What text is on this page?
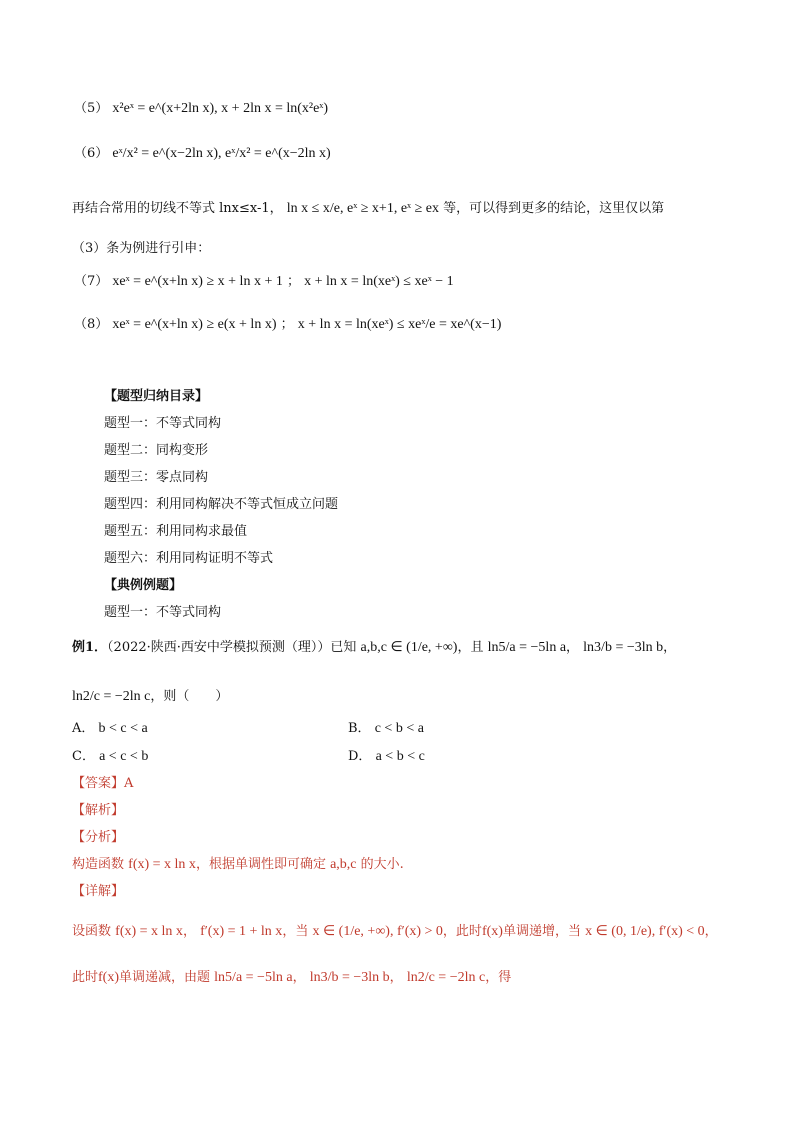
（5） x²eˣ = e^(x+2ln x), x + 2ln x = ln(x²eˣ)
（6） eˣ/x² = e^(x−2ln x), eˣ/x² = e^(x−2ln x)
再结合常用的切线不等式 lnx≤x-1， ln x ≤ x/e, eˣ ≥ x+1, eˣ ≥ ex 等，可以得到更多的结论，这里仅以第
（3）条为例进行引申：
（7） xeˣ = e^(x+ln x) ≥ x + ln x + 1 ； x + ln x = ln(xeˣ) ≤ xeˣ − 1
（8） xeˣ = e^(x+ln x) ≥ e(x + ln x) ； x + ln x = ln(xeˣ) ≤ xeˣ/e = xe^(x−1)
【题型归纳目录】
题型一：不等式同构
题型二：同构变形
题型三：零点同构
题型四：利用同构解决不等式恒成立问题
题型五：利用同构求最值
题型六：利用同构证明不等式
【典例例题】
题型一：不等式同构
例1．（2022·陕西·西安中学模拟预测（理））已知 a,b,c ∈ (1/e, +∞)，且 ln5/a = −5ln a， ln3/b = −3ln b，
ln2/c = −2ln c，则（　　）
A． b < c < a	B． c < b < a
C． a < c < b	D． a < b < c
【答案】A
【解析】
【分析】
构造函数 f(x) = x ln x，根据单调性即可确定 a,b,c 的大小.
【详解】
设函数 f(x) = x ln x， f′(x) = 1 + ln x，当 x ∈ (1/e, +∞), f′(x) > 0，此时f(x)单调递增，当 x ∈ (0, 1/e), f′(x) < 0，
此时f(x)单调递减，由题 ln5/a = −5ln a， ln3/b = −3ln b， ln2/c = −2ln c，得
